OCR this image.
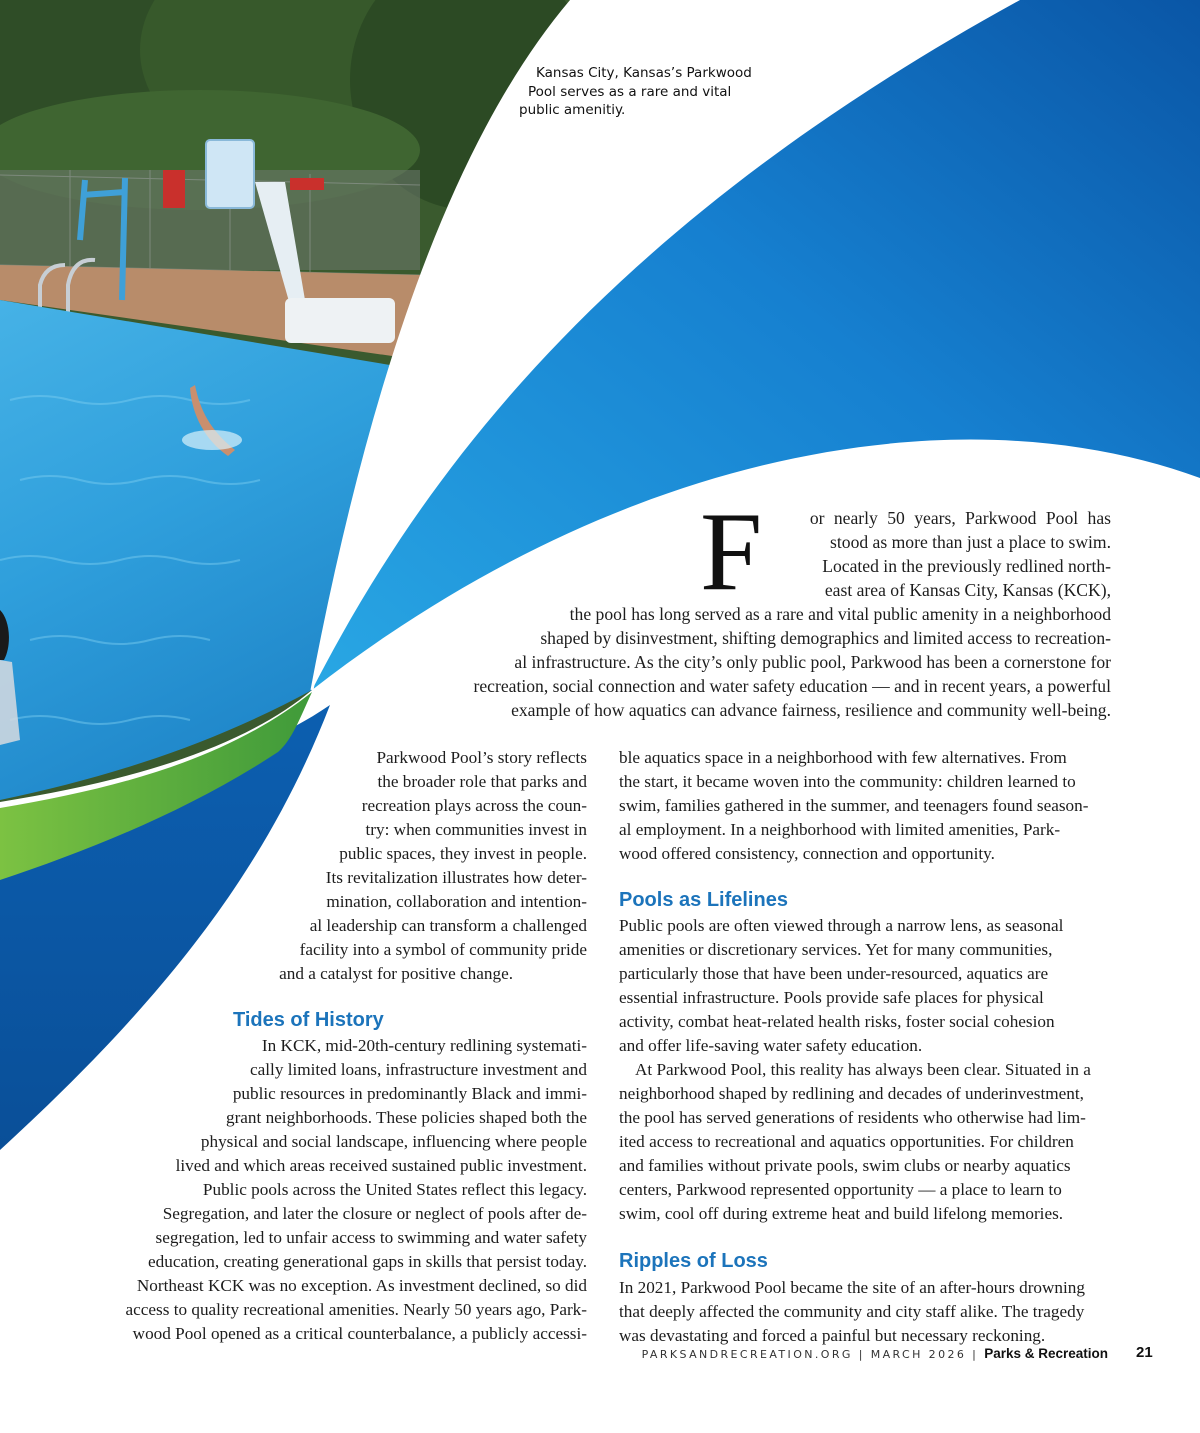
Kansas City, Kansas’s Parkwood
Pool serves as a rare and vital
public amenitiy.
F	or nearly 50 years, Parkwood Pool has
stood as more than just a place to swim.
Located in the previously redlined north-
east area of Kansas City, Kansas (KCK),
the pool has long served as a rare and vital public amenity in a neighborhood
shaped by disinvestment, shifting demographics and limited access to recreation-
al infrastructure. As the city’s only public pool, Parkwood has been a cornerstone for
recreation, social connection and water safety education — and in recent years, a powerful
example of how aquatics can advance fairness, resilience and community well-being.
Parkwood Pool’s story reflects
the broader role that parks and
recreation plays across the coun-
try: when communities invest in
public spaces, they invest in people.
Its revitalization illustrates how deter-
mination, collaboration and intention-
al leadership can transform a challenged
facility into a symbol of community pride
and a catalyst for positive change.
Tides of History
In KCK, mid-20th-century redlining systemati-
cally limited loans, infrastructure investment and
public resources in predominantly Black and immi-
grant neighborhoods. These policies shaped both the
physical and social landscape, influencing where people
lived and which areas received sustained public investment.
Public pools across the United States reflect this legacy.
Segregation, and later the closure or neglect of pools after de-
segregation, led to unfair access to swimming and water safety
education, creating generational gaps in skills that persist today.
Northeast KCK was no exception. As investment declined, so did
access to quality recreational amenities. Nearly 50 years ago, Park-
wood Pool opened as a critical counterbalance, a publicly accessi-
ble aquatics space in a neighborhood with few alternatives. From
the start, it became woven into the community: children learned to
swim, families gathered in the summer, and teenagers found season-
al employment. In a neighborhood with limited amenities, Park-
wood offered consistency, connection and opportunity.
Pools as Lifelines
Public pools are often viewed through a narrow lens, as seasonal
amenities or discretionary services. Yet for many communities,
particularly those that have been under-resourced, aquatics are
essential infrastructure. Pools provide safe places for physical
activity, combat heat-related health risks, foster social cohesion
and offer life-saving water safety education.
At Parkwood Pool, this reality has always been clear. Situated in a
neighborhood shaped by redlining and decades of underinvestment,
the pool has served generations of residents who otherwise had lim-
ited access to recreational and aquatics opportunities. For children
and families without private pools, swim clubs or nearby aquatics
centers, Parkwood represented opportunity — a place to learn to
swim, cool off during extreme heat and build lifelong memories.
Ripples of Loss
In 2021, Parkwood Pool became the site of an after-hours drowning
that deeply affected the community and city staff alike. The tragedy
was devastating and forced a painful but necessary reckoning.
PARKSANDRECREATION.ORG | MARCH 2026 | Parks & Recreation 21
